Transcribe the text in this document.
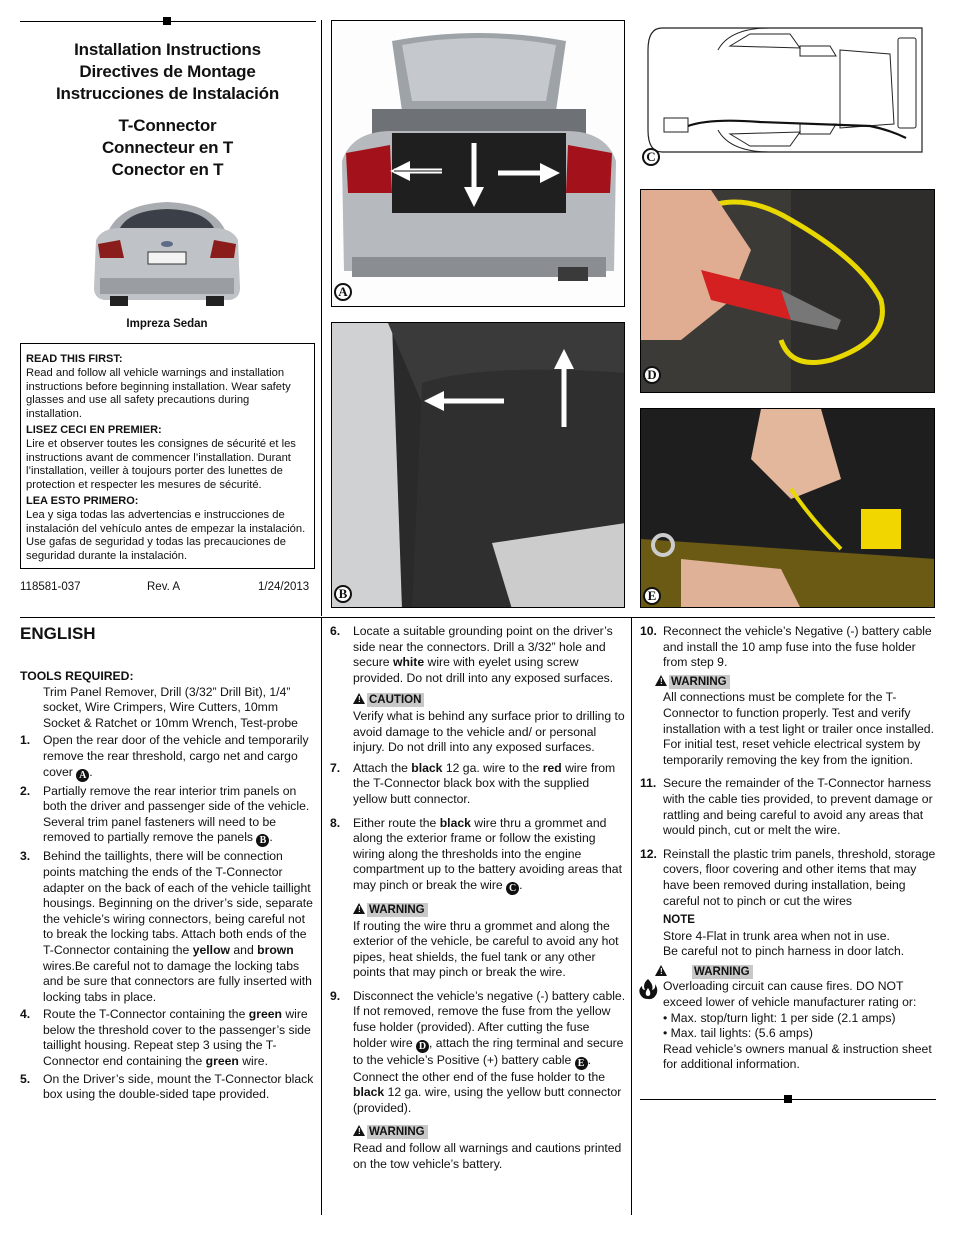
Installation Instructions
Directives de Montage
Instrucciones de Instalación
T-Connector
Connecteur en T
Conector en T
Impreza Sedan
READ THIS FIRST:

Read and follow all vehicle warnings and installation instructions before beginning installation. Wear safety glasses and use all safety precautions during installation.

LISEZ CECI EN PREMIER:

Lire et observer toutes les consignes de sécurité et les instructions avant de commencer l’installation. Durant l’installation, veiller à toujours porter des lunettes de protection et respecter les mesures de sécurité.

LEA ESTO PRIMERO:

Lea y siga todas las advertencias e instrucciones de instalación del vehículo antes de empezar la instalación. Use gafas de seguridad y todas las precauciones de seguridad durante la instalación.

118581-037	Rev. A	1/24/2013
A
B
C
D
E
ENGLISH
TOOLS REQUIRED:
Trim Panel Remover, Drill (3/32” Drill Bit), 1/4” socket, Wire Crimpers, Wire Cutters, 10mm Socket & Ratchet or 10mm Wrench, Test-probe
1. Open the rear door of the vehicle and temporarily remove the rear threshold, cargo net and cargo cover A .
2. Partially remove the rear interior trim panels on both the driver and passenger side of the vehicle. Several trim panel fasteners will need to be removed to partially remove the panels B .
3. Behind the taillights, there will be connection points matching the ends of the T-Connector adapter on the back of each of the vehicle taillight housings. Beginning on the driver’s side, separate the vehicle’s wiring connectors, being careful not to break the locking tabs. Attach both ends of the T-Connector containing the yellow and brown wires.Be careful not to damage the locking tabs and be sure that connectors are fully inserted with locking tabs in place.
4. Route the T-Connector containing the green wire below the threshold cover to the passenger’s side taillight housing. Repeat step 3 using the T-Connector end containing the green wire.
5. On the Driver’s side, mount the T-Connector black box using the double-sided tape provided.
6. Locate a suitable grounding point on the driver’s side near the connectors. Drill a 3/32” hole and secure white wire with eyelet using screw provided. Do not drill into any exposed surfaces.
! CAUTION

Verify what is behind any surface prior to drilling to avoid damage to the vehicle and/ or personal injury. Do not drill into any exposed surfaces.

7. Attach the black 12 ga. wire to the red wire from the T-Connector black box with the supplied yellow butt connector.
8. Either route the black wire thru a grommet and along the exterior frame or follow the existing wiring along the thresholds into the engine compartment up to the battery avoiding areas that may pinch or break the wire C .
! WARNING

If routing the wire thru a grommet and along the exterior of the vehicle, be careful to avoid any hot pipes, heat shields, the fuel tank or any other points that may pinch or break the wire.

9. Disconnect the vehicle’s negative (-) battery cable. If not removed, remove the fuse from the yellow fuse holder (provided). After cutting the fuse holder wire D , attach the ring terminal and secure to the vehicle’s Positive (+) battery cable E . Connect the other end of the fuse holder to the black 12 ga. wire, using the yellow butt connector (provided).
! WARNING

Read and follow all warnings and cautions printed on the tow vehicle’s battery.

10. Reconnect the vehicle’s Negative (-) battery cable and install the 10 amp fuse into the fuse holder from step 9.
! WARNING

All connections must be complete for the T-Connector to function properly. Test and verify installation with a test light or trailer once installed. For initial test, reset vehicle electrical system by temporarily removing the key from the ignition.

11. Secure the remainder of the T-Connector harness with the cable ties provided, to prevent damage or rattling and being careful to avoid any areas that would pinch, cut or melt the wire.
12. Reinstall the plastic trim panels, threshold, storage covers, floor covering and other items that may have been removed during installation, being careful not to pinch or cut the wires
NOTE
Store 4-Flat in trunk area when not in use.
Be careful not to pinch harness in door latch.
!	WARNING
Overloading circuit can cause fires. DO NOT exceed lower of vehicle manufacturer rating or:
• Max. stop/turn light: 1 per side (2.1 amps)
• Max. tail lights: (5.6 amps)
Read vehicle’s owners manual & instruction sheet for additional information.
